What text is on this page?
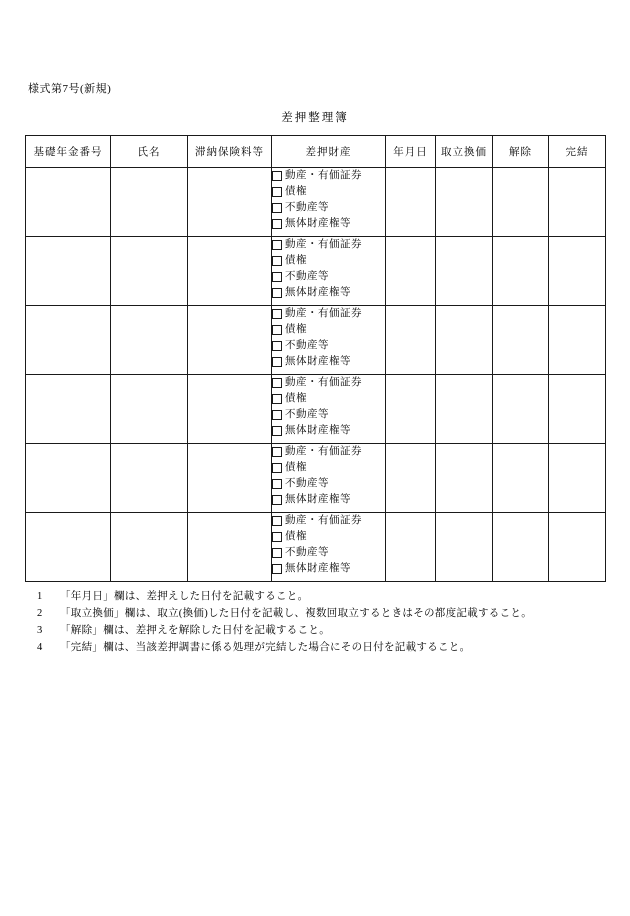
様式第7号(新規)
差押整理簿
基礎年金番号	氏名	滞納保険料等	差押財産	年月日	取立換価	解除	完結

			動産・有価証券
債権
不動産等
無体財産権等				

			動産・有価証券
債権
不動産等
無体財産権等				

			動産・有価証券
債権
不動産等
無体財産権等				

			動産・有価証券
債権
不動産等
無体財産権等				

			動産・有価証券
債権
不動産等
無体財産権等				

			動産・有価証券
債権
不動産等
無体財産権等				

1	「年月日」欄は、差押えした日付を記載すること。
2	「取立換価」欄は、取立(換価)した日付を記載し、複数回取立するときはその都度記載すること。
3	「解除」欄は、差押えを解除した日付を記載すること。
4	「完結」欄は、当該差押調書に係る処理が完結した場合にその日付を記載すること。
